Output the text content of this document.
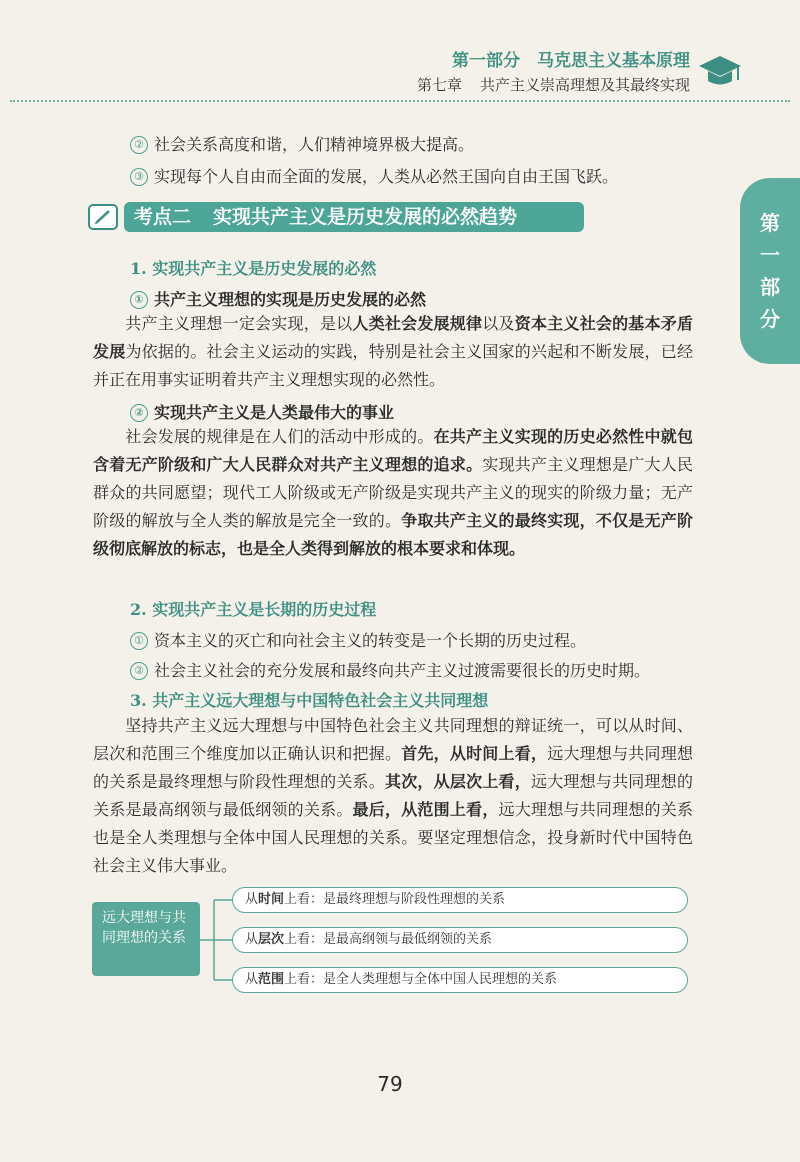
第一部分　马克思主义基本原理
第七章 共产主义崇高理想及其最终实现
第
一
部
分
② 社会关系高度和谐，人们精神境界极大提高。
③ 实现每个人自由而全面的发展，人类从必然王国向自由王国飞跃。
考点二 实现共产主义是历史发展的必然趋势
1. 实现共产主义是历史发展的必然
① 共产主义理想的实现是历史发展的必然
共产主义理想一定会实现，是以人类社会发展规律以及资本主义社会的基本矛盾发展为依据的。社会主义运动的实践，特别是社会主义国家的兴起和不断发展，已经并正在用事实证明着共产主义理想实现的必然性。
② 实现共产主义是人类最伟大的事业
社会发展的规律是在人们的活动中形成的。在共产主义实现的历史必然性中就包含着无产阶级和广大人民群众对共产主义理想的追求。实现共产主义理想是广大人民群众的共同愿望；现代工人阶级或无产阶级是实现共产主义的现实的阶级力量；无产阶级的解放与全人类的解放是完全一致的。争取共产主义的最终实现，不仅是无产阶级彻底解放的标志，也是全人类得到解放的根本要求和体现。
2. 实现共产主义是长期的历史过程
① 资本主义的灭亡和向社会主义的转变是一个长期的历史过程。
② 社会主义社会的充分发展和最终向共产主义过渡需要很长的历史时期。
3. 共产主义远大理想与中国特色社会主义共同理想
坚持共产主义远大理想与中国特色社会主义共同理想的辩证统一，可以从时间、层次和范围三个维度加以正确认识和把握。首先，从时间上看，远大理想与共同理想的关系是最终理想与阶段性理想的关系。其次，从层次上看，远大理想与共同理想的关系是最高纲领与最低纲领的关系。最后，从范围上看，远大理想与共同理想的关系也是全人类理想与全体中国人民理想的关系。要坚定理想信念，投身新时代中国特色社会主义伟大事业。
远大理想与共同理想的关系
从时间上看：是最终理想与阶段性理想的关系
从层次上看：是最高纲领与最低纲领的关系
从范围上看：是全人类理想与全体中国人民理想的关系
79
